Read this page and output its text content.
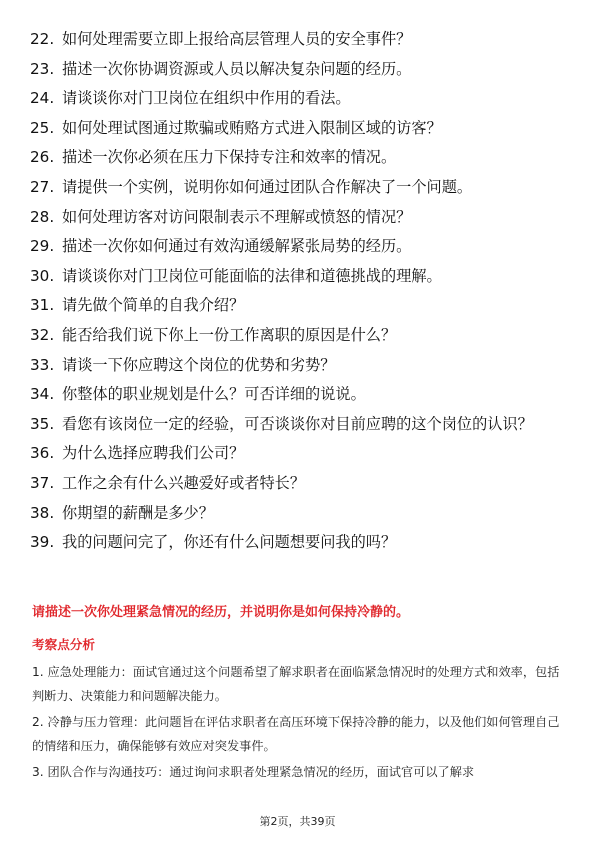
22. 如何处理需要立即上报给高层管理人员的安全事件？
23. 描述一次你协调资源或人员以解决复杂问题的经历。
24. 请谈谈你对门卫岗位在组织中作用的看法。
25. 如何处理试图通过欺骗或贿赂方式进入限制区域的访客？
26. 描述一次你必须在压力下保持专注和效率的情况。
27. 请提供一个实例，说明你如何通过团队合作解决了一个问题。
28. 如何处理访客对访问限制表示不理解或愤怒的情况？
29. 描述一次你如何通过有效沟通缓解紧张局势的经历。
30. 请谈谈你对门卫岗位可能面临的法律和道德挑战的理解。
31. 请先做个简单的自我介绍？
32. 能否给我们说下你上一份工作离职的原因是什么？
33. 请谈一下你应聘这个岗位的优势和劣势？
34. 你整体的职业规划是什么？可否详细的说说。
35. 看您有该岗位一定的经验，可否谈谈你对目前应聘的这个岗位的认识？
36. 为什么选择应聘我们公司？
37. 工作之余有什么兴趣爱好或者特长？
38. 你期望的薪酬是多少？
39. 我的问题问完了，你还有什么问题想要问我的吗？
请描述一次你处理紧急情况的经历，并说明你是如何保持冷静的。
考察点分析

1. 应急处理能力：面试官通过这个问题希望了解求职者在面临紧急情况时的处理方式和效率，包括判断力、决策能力和问题解决能力。

2. 冷静与压力管理：此问题旨在评估求职者在高压环境下保持冷静的能力，以及他们如何管理自己的情绪和压力，确保能够有效应对突发事件。

3. 团队合作与沟通技巧：通过询问求职者处理紧急情况的经历，面试官可以了解求

第2页，共39页
